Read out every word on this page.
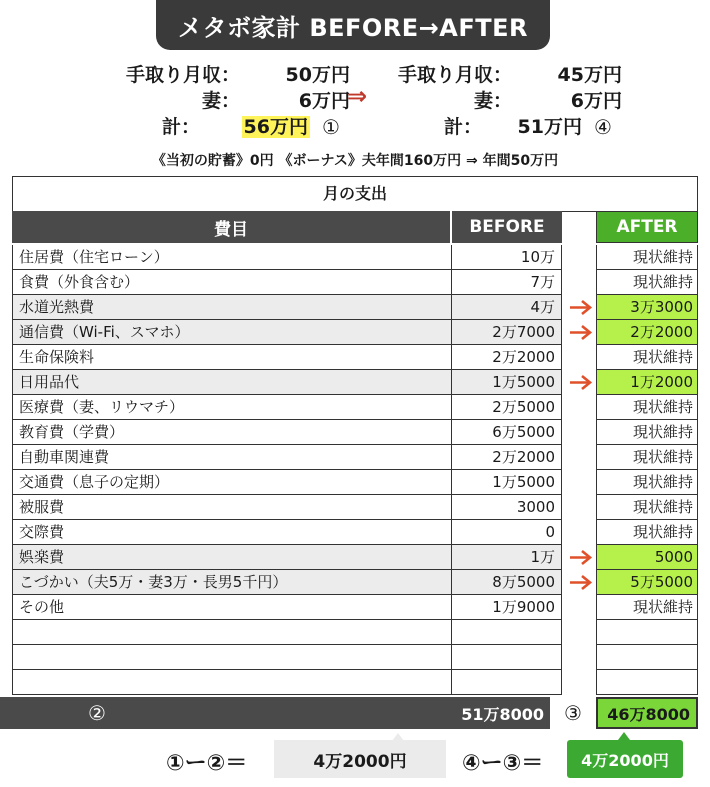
メタボ家計 BEFORE→AFTER
手取り月収：	50万円
妻：	6万円
計：	56万円 ①
⇒
手取り月収：	45万円
妻：	6万円
計：	51万円 ④
《当初の貯蓄》0円 《ボーナス》夫年間160万円 ⇒ 年間50万円
月の支出
費目	BEFORE	AFTER
住居費（住宅ローン）	10万	現状維持
食費（外食含む）	7万	現状維持
水道光熱費	4万	3万3000
通信費（Wi-Fi、スマホ）	2万7000	2万2000
生命保険料	2万2000	現状維持
日用品代	1万5000	1万2000
医療費（妻、リウマチ）	2万5000	現状維持
教育費（学費）	6万5000	現状維持
自動車関連費	2万2000	現状維持
交通費（息子の定期）	1万5000	現状維持
被服費	3000	現状維持
交際費	0	現状維持
娯楽費	1万	5000
こづかい（夫5万・妻3万・長男5千円）	8万5000	5万5000
その他	1万9000	現状維持
②	51万8000 ③	46万8000
①ー②＝	4万2000円	④ー③＝	4万2000円
